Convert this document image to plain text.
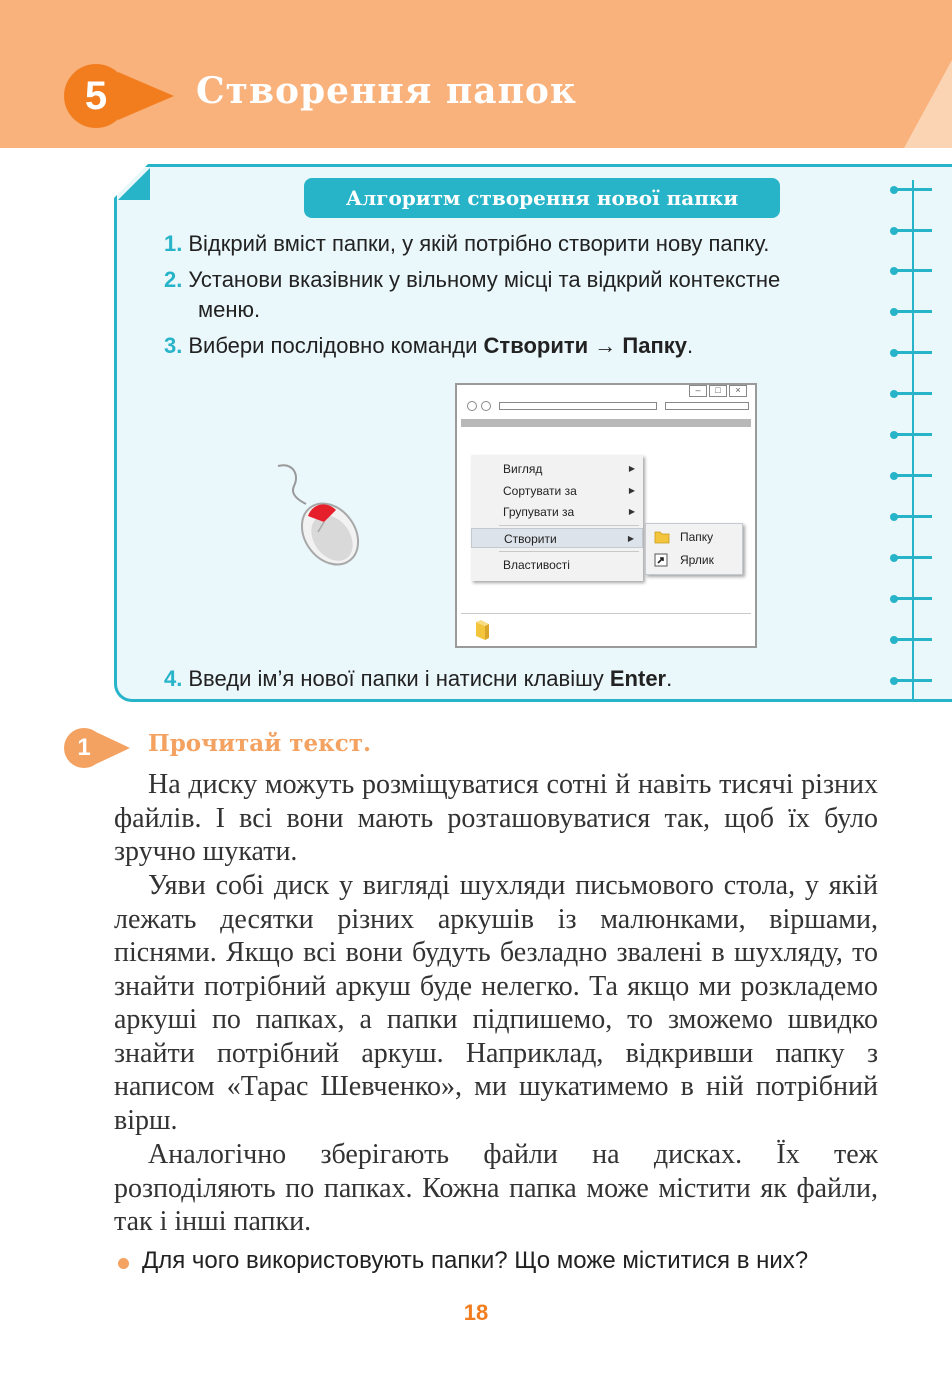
5	Створення папок
Алгоритм створення нової папки
1. Відкрий вміст папки, у якій потрібно створити нову папку.
2. Установи вказівник у вільному місці та відкрий контекстне
меню.
3. Вибери послідовно команди Створити → Папку.
4. Введи ім’я нової папки і натисни клавішу Enter.
–	□	×
Вигляд	▶
Сортувати за	▶
Групувати за	▶
Створити	▶
Властивості
Папку
Ярлик
1	Прочитай текст.

На диску можуть розміщуватися сотні й навіть тисячі різних файлів. І всі вони мають розташовуватися так, щоб їх було зручно шукати.

Уяви собі диск у вигляді шухляди письмового стола, у якій лежать десятки різних аркушів із малюнками, віршами, піснями. Якщо всі вони будуть безладно звалені в шухляду, то знайти потрібний аркуш буде нелегко. Та якщо ми розкладемо аркуші по папках, а папки підпишемо, то зможемо швидко знайти потрібний аркуш. Наприклад, відкривши папку з написом «Тарас Шевченко», ми шукатимемо в ній потрібний вірш.

Аналогічно зберігають файли на дисках. Їх теж розподіляють по папках. Кожна папка може містити як файли, так і інші папки.

Для чого використовують папки? Що може міститися в них?
18
